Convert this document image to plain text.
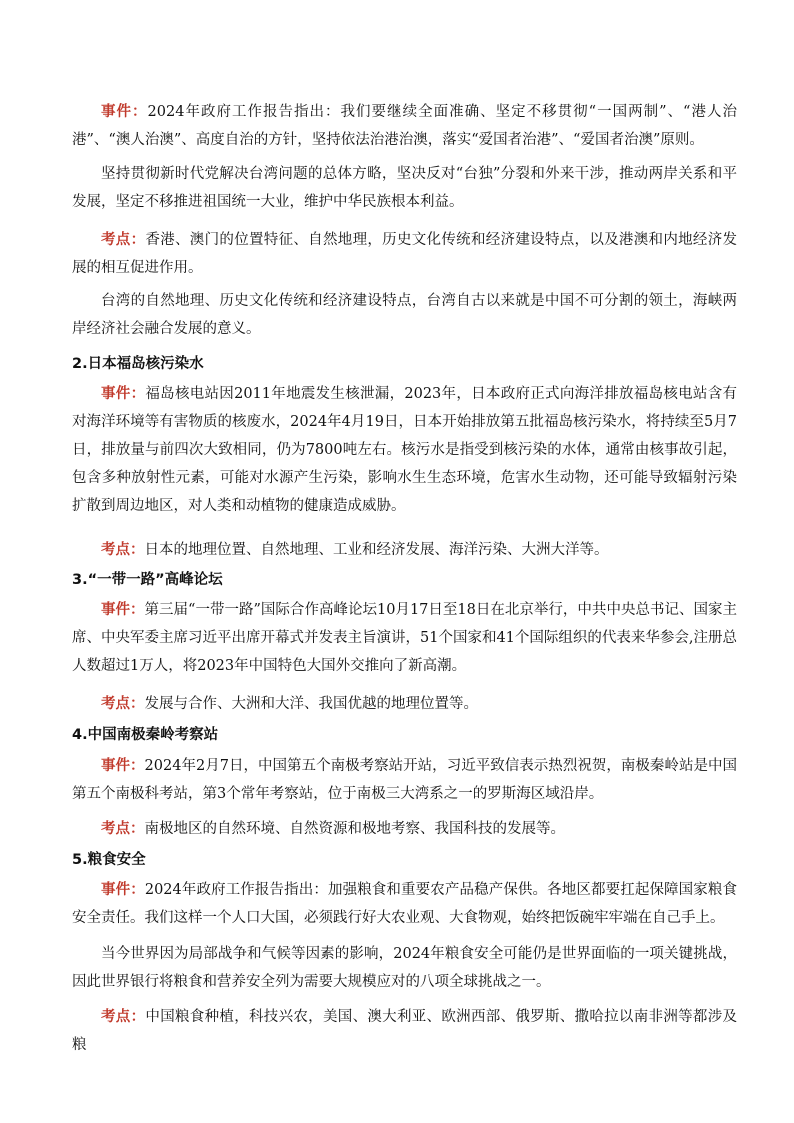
事件：2024年政府工作报告指出：我们要继续全面准确、坚定不移贯彻“一国两制”、“港人治港”、“澳人治澳”、高度自治的方针，坚持依法治港治澳，落实“爱国者治港”、“爱国者治澳”原则。
坚持贯彻新时代党解决台湾问题的总体方略，坚决反对“台独”分裂和外来干涉，推动两岸关系和平发展，坚定不移推进祖国统一大业，维护中华民族根本利益。
考点：香港、澳门的位置特征、自然地理，历史文化传统和经济建设特点，以及港澳和内地经济发展的相互促进作用。
台湾的自然地理、历史文化传统和经济建设特点，台湾自古以来就是中国不可分割的领土，海峡两岸经济社会融合发展的意义。
2.日本福岛核污染水
事件：福岛核电站因2011年地震发生核泄漏，2023年，日本政府正式向海洋排放福岛核电站含有对海洋环境等有害物质的核废水，2024年4月19日，日本开始排放第五批福岛核污染水，将持续至5月7日，排放量与前四次大致相同，仍为7800吨左右。核污水是指受到核污染的水体，通常由核事故引起，包含多种放射性元素，可能对水源产生污染，影响水生生态环境，危害水生动物，还可能导致辐射污染扩散到周边地区，对人类和动植物的健康造成威胁。
考点：日本的地理位置、自然地理、工业和经济发展、海洋污染、大洲大洋等。
3.“一带一路”高峰论坛
事件：第三届“一带一路”国际合作高峰论坛10月17日至18日在北京举行，中共中央总书记、国家主席、中央军委主席习近平出席开幕式并发表主旨演讲，51个国家和41个国际组织的代表来华参会,注册总人数超过1万人，将2023年中国特色大国外交推向了新高潮。
考点：发展与合作、大洲和大洋、我国优越的地理位置等。
4.中国南极秦岭考察站
事件：2024年2月7日，中国第五个南极考察站开站，习近平致信表示热烈祝贺，南极秦岭站是中国第五个南极科考站，第3个常年考察站，位于南极三大湾系之一的罗斯海区域沿岸。
考点：南极地区的自然环境、自然资源和极地考察、我国科技的发展等。
5.粮食安全
事件：2024年政府工作报告指出：加强粮食和重要农产品稳产保供。各地区都要扛起保障国家粮食安全责任。我们这样一个人口大国，必须践行好大农业观、大食物观，始终把饭碗牢牢端在自己手上。
当今世界因为局部战争和气候等因素的影响，2024年粮食安全可能仍是世界面临的一项关键挑战，因此世界银行将粮食和营养安全列为需要大规模应对的八项全球挑战之一。
考点：中国粮食种植，科技兴农，美国、澳大利亚、欧洲西部、俄罗斯、撒哈拉以南非洲等都涉及粮
